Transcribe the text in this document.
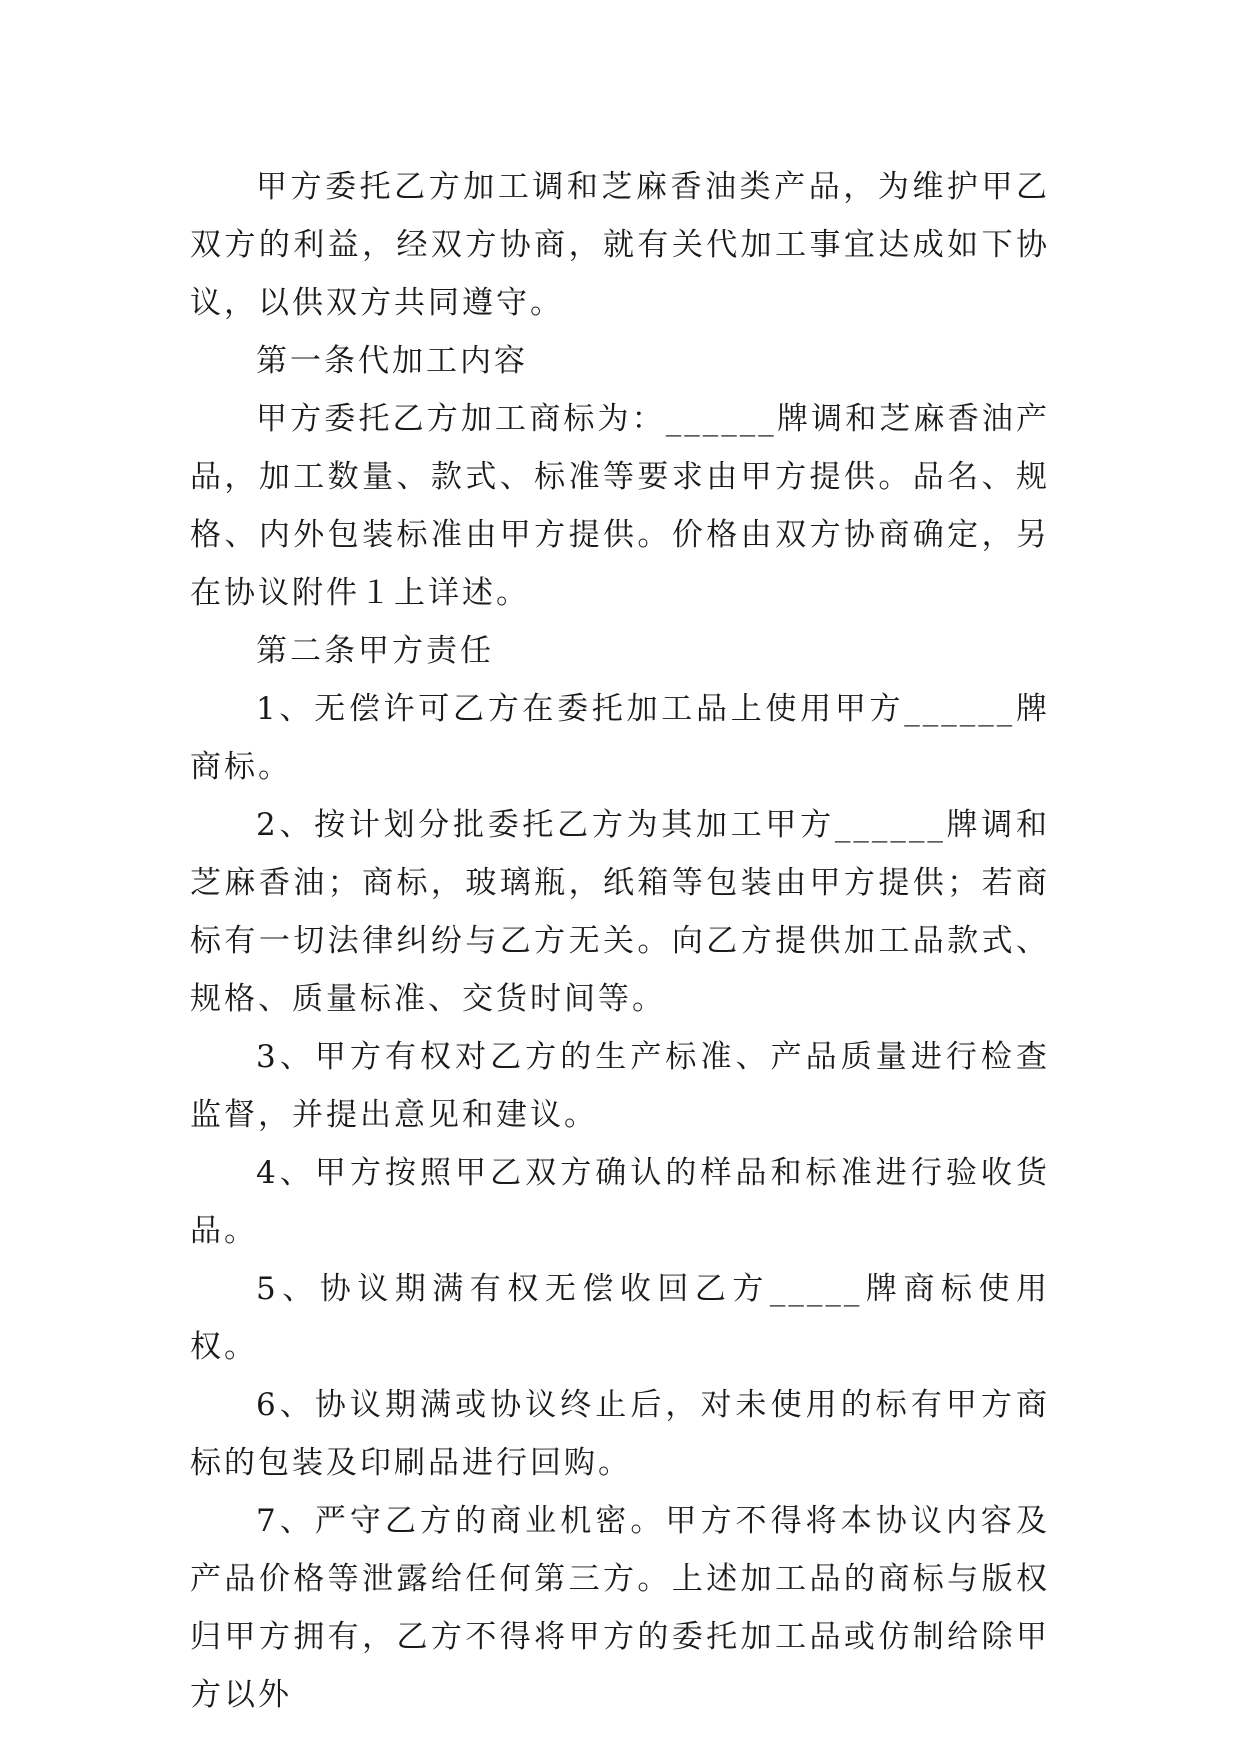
甲方委托乙方加工调和芝麻香油类产品，为维护甲乙双方的利益，经双方协商，就有关代加工事宜达成如下协议，以供双方共同遵守。

第一条代加工内容

甲方委托乙方加工商标为：______牌调和芝麻香油产品，加工数量、款式、标准等要求由甲方提供。品名、规格、内外包装标准由甲方提供。价格由双方协商确定，另在协议附件１上详述。

第二条甲方责任

1、无偿许可乙方在委托加工品上使用甲方______牌商标。

2、按计划分批委托乙方为其加工甲方______牌调和芝麻香油；商标，玻璃瓶，纸箱等包装由甲方提供；若商标有一切法律纠纷与乙方无关。向乙方提供加工品款式、规格、质量标准、交货时间等。

3、甲方有权对乙方的生产标准、产品质量进行检查监督，并提出意见和建议。

4、甲方按照甲乙双方确认的样品和标准进行验收货品。

5、协议期满有权无偿收回乙方_____牌商标使用权。

6、协议期满或协议终止后，对未使用的标有甲方商标的包装及印刷品进行回购。

7、严守乙方的商业机密。甲方不得将本协议内容及产品价格等泄露给任何第三方。上述加工品的商标与版权归甲方拥有，乙方不得将甲方的委托加工品或仿制给除甲方以外
